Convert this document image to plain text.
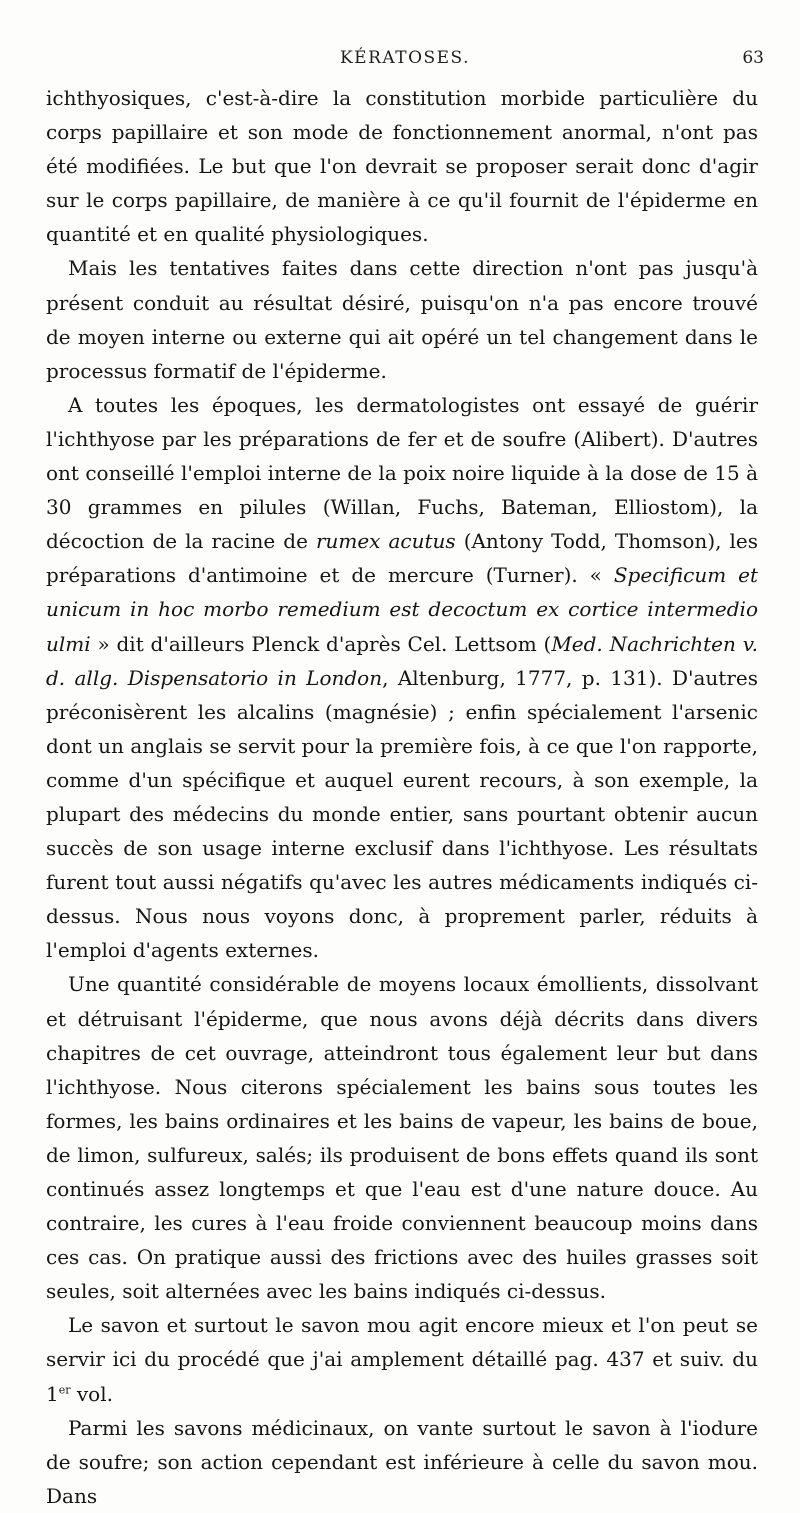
KÉRATOSES.	63

ichthyosiques, c'est-à-dire la constitution morbide particulière du corps papillaire et son mode de fonctionnement anormal, n'ont pas été modifiées. Le but que l'on devrait se proposer serait donc d'agir sur le corps papillaire, de manière à ce qu'il fournit de l'épiderme en quantité et en qualité physiologiques.

Mais les tentatives faites dans cette direction n'ont pas jusqu'à présent conduit au résultat désiré, puisqu'on n'a pas encore trouvé de moyen interne ou externe qui ait opéré un tel changement dans le processus formatif de l'épiderme.

A toutes les époques, les dermatologistes ont essayé de guérir l'ichthyose par les préparations de fer et de soufre (Alibert). D'autres ont conseillé l'emploi interne de la poix noire liquide à la dose de 15 à 30 grammes en pilules (Willan, Fuchs, Bateman, Elliostom), la décoction de la racine de rumex acutus (Antony Todd, Thomson), les préparations d'antimoine et de mercure (Turner). « Specificum et unicum in hoc morbo remedium est decoctum ex cortice intermedio ulmi » dit d'ailleurs Plenck d'après Cel. Lettsom (Med. Nachrichten v. d. allg. Dispensatorio in London, Altenburg, 1777, p. 131). D'autres préconisèrent les alcalins (magnésie) ; enfin spécialement l'arsenic dont un anglais se servit pour la première fois, à ce que l'on rapporte, comme d'un spécifique et auquel eurent recours, à son exemple, la plupart des médecins du monde entier, sans pourtant obtenir aucun succès de son usage interne exclusif dans l'ichthyose. Les résultats furent tout aussi négatifs qu'avec les autres médicaments indiqués ci-dessus. Nous nous voyons donc, à proprement parler, réduits à l'emploi d'agents externes.

Une quantité considérable de moyens locaux émollients, dissolvant et détruisant l'épiderme, que nous avons déjà décrits dans divers chapitres de cet ouvrage, atteindront tous également leur but dans l'ichthyose. Nous citerons spécialement les bains sous toutes les formes, les bains ordinaires et les bains de vapeur, les bains de boue, de limon, sulfureux, salés; ils produisent de bons effets quand ils sont continués assez longtemps et que l'eau est d'une nature douce. Au contraire, les cures à l'eau froide conviennent beaucoup moins dans ces cas. On pratique aussi des frictions avec des huiles grasses soit seules, soit alternées avec les bains indiqués ci-dessus.

Le savon et surtout le savon mou agit encore mieux et l'on peut se servir ici du procédé que j'ai amplement détaillé pag. 437 et suiv. du 1er vol.

Parmi les savons médicinaux, on vante surtout le savon à l'iodure de soufre; son action cependant est inférieure à celle du savon mou. Dans
